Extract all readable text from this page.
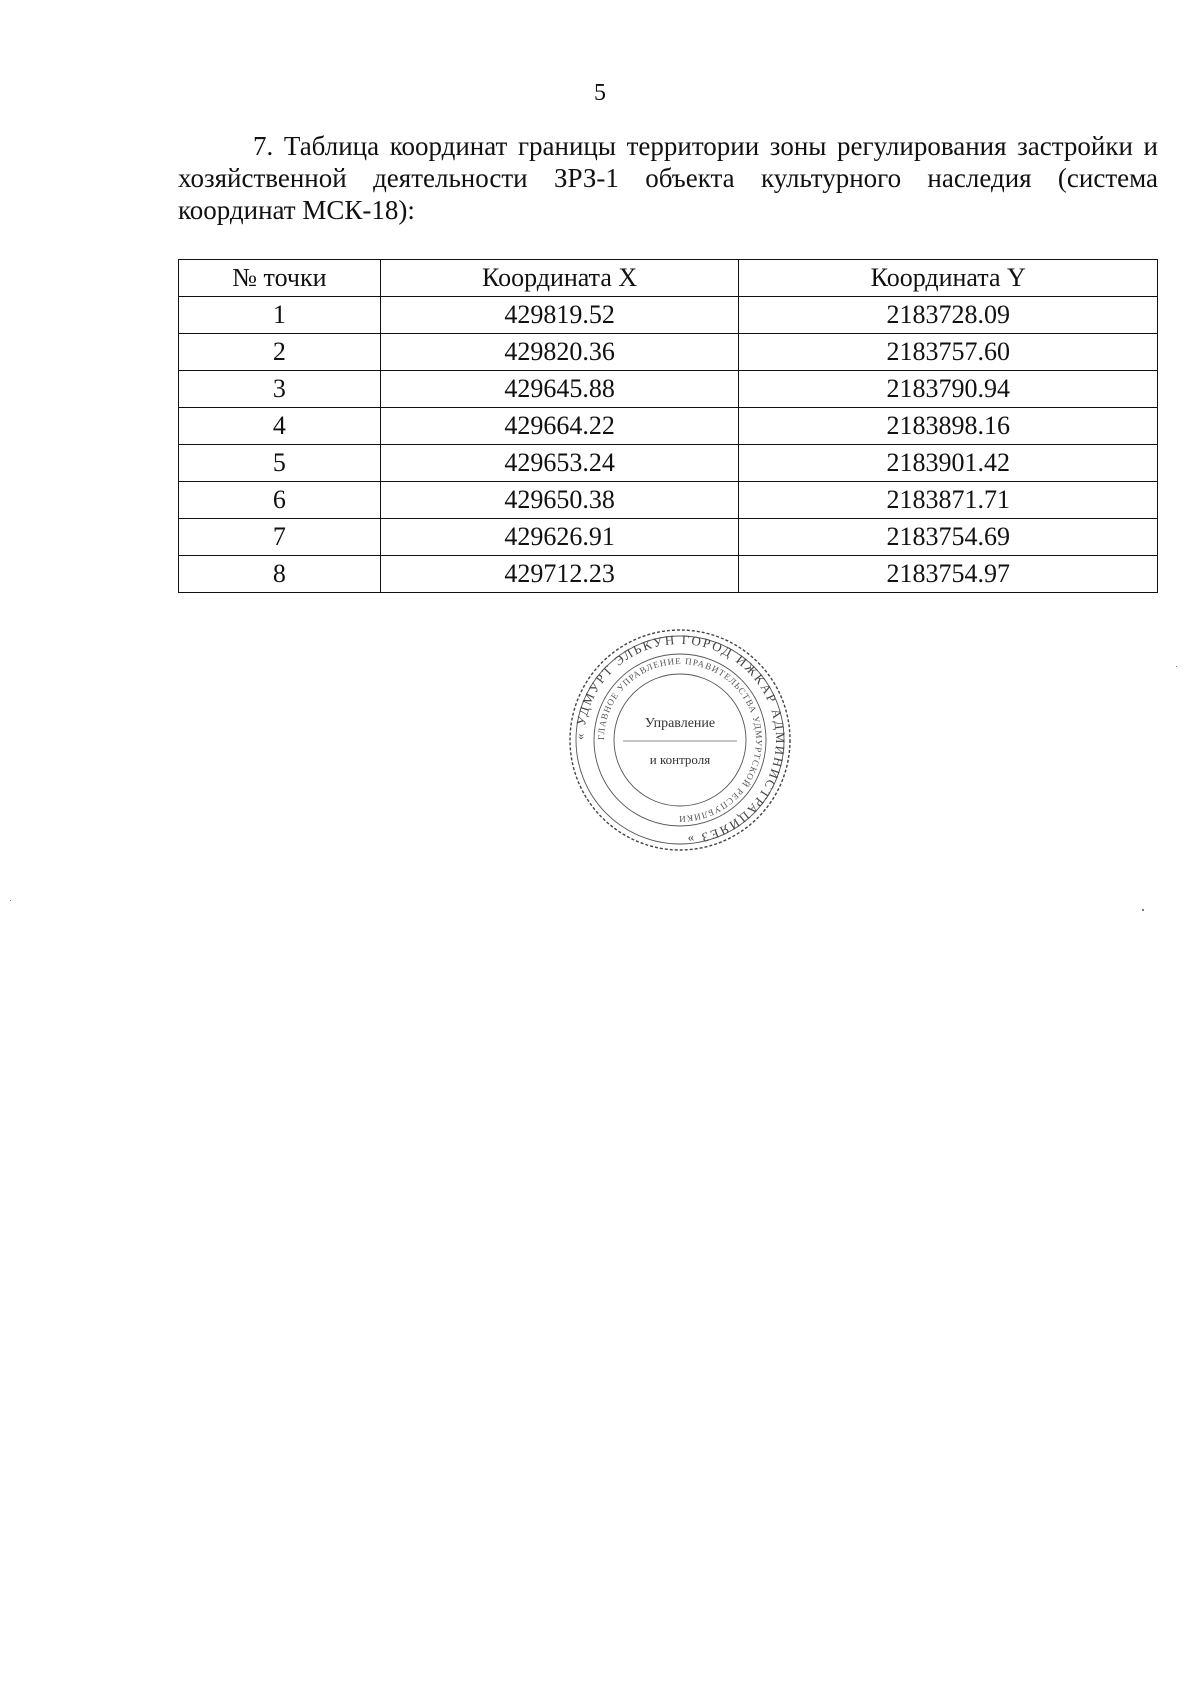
5
7. Таблица координат границы территории зоны регулирования застройки и хозяйственной деятельности ЗРЗ-1 объекта культурного наследия (система координат МСК-18):
№ точки	Координата X	Координата Y
1	429819.52	2183728.09
2	429820.36	2183757.60
3	429645.88	2183790.94
4	429664.22	2183898.16
5	429653.24	2183901.42
6	429650.38	2183871.71
7	429626.91	2183754.69
8	429712.23	2183754.97
« УДМУРТ ЭЛЬКУН ГОРОД ИЖКАР АДМИНИСТРАЦИЯЕЗ »
ГЛАВНОЕ УПРАВЛЕНИЕ ПРАВИТЕЛЬСТВА УДМУРТСКОЙ РЕСПУБЛИКИ
Управление
и контроля
